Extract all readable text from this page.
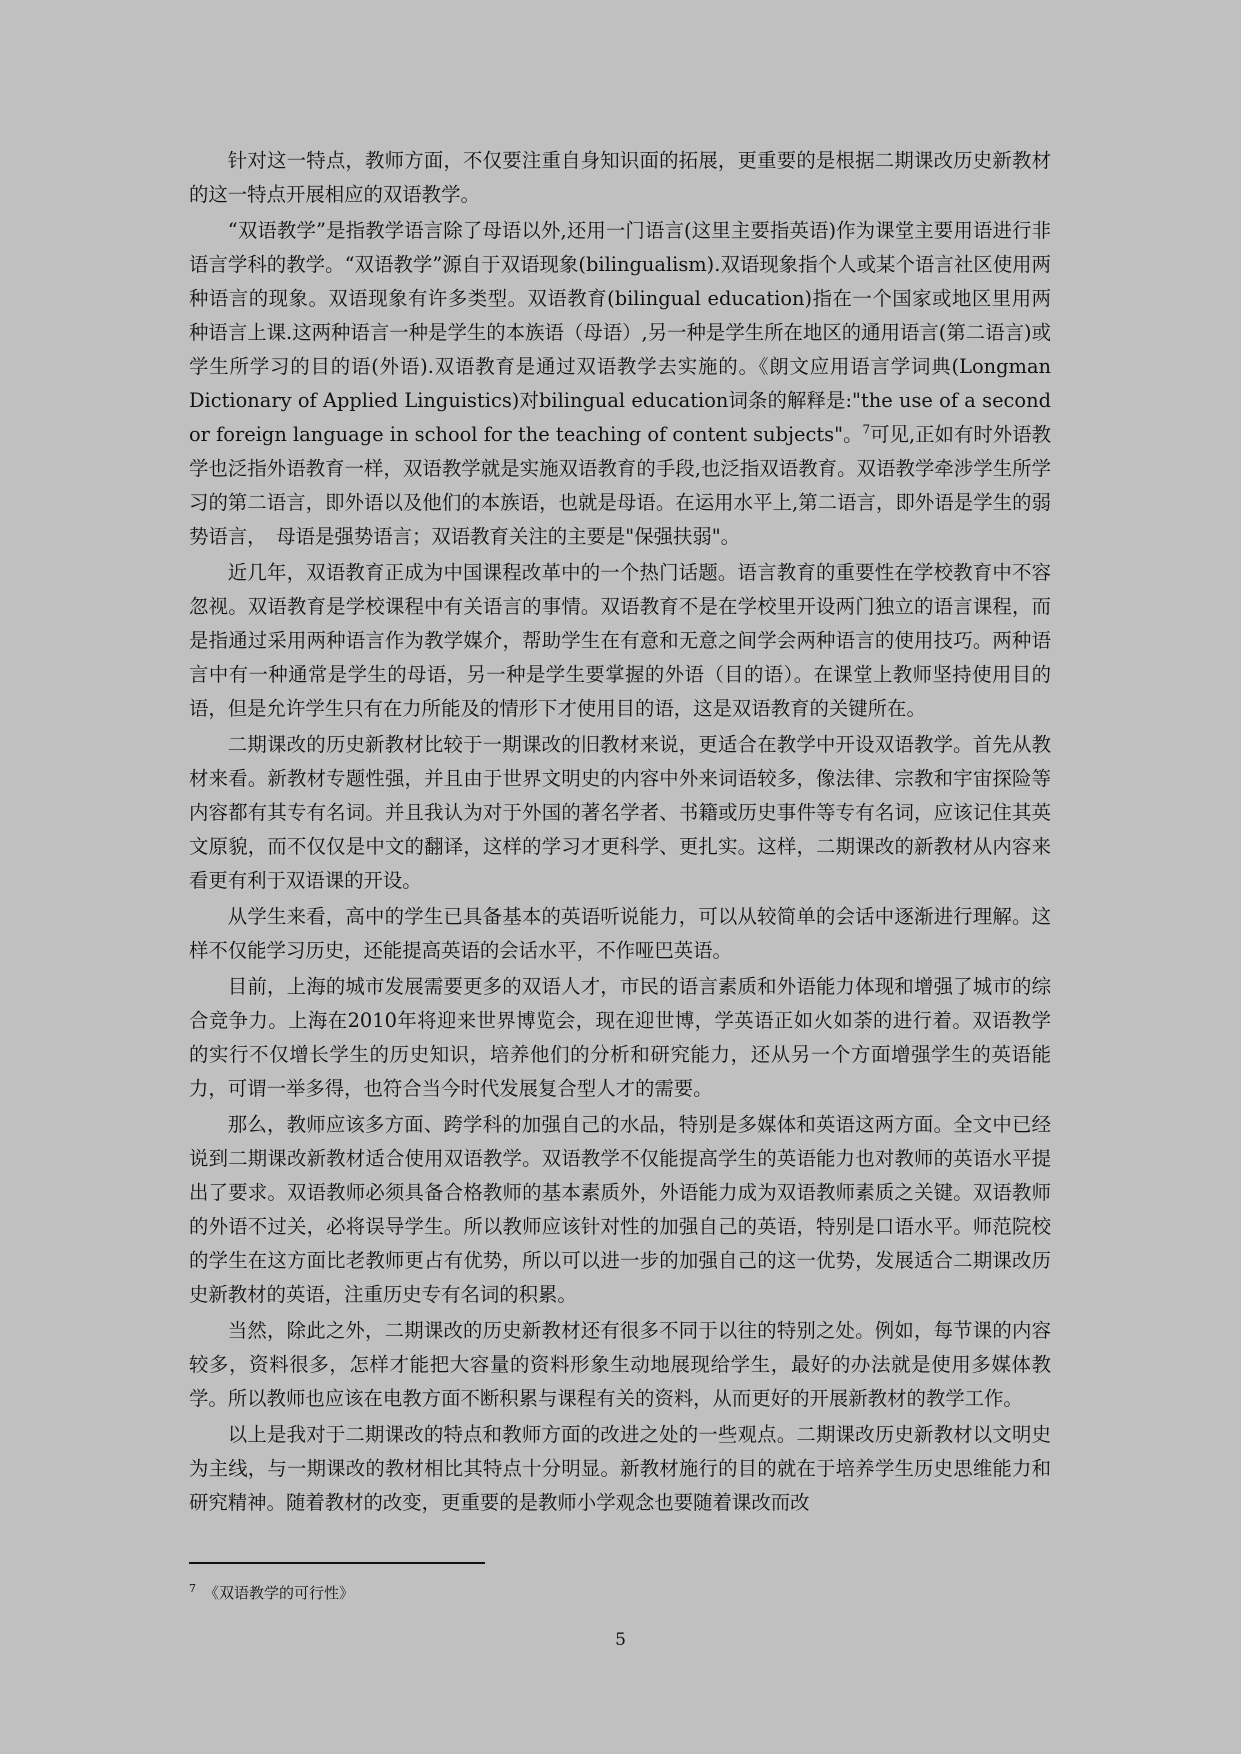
针对这一特点，教师方面，不仅要注重自身知识面的拓展，更重要的是根据二期课改历史新教材的这一特点开展相应的双语教学。

“双语教学”是指教学语言除了母语以外,还用一门语言(这里主要指英语)作为课堂主要用语进行非语言学科的教学。“双语教学”源自于双语现象(bilingualism).双语现象指个人或某个语言社区使用两种语言的现象。双语现象有许多类型。双语教育(bilingual education)指在一个国家或地区里用两种语言上课.这两种语言一种是学生的本族语（母语）,另一种是学生所在地区的通用语言(第二语言)或学生所学习的目的语(外语).双语教育是通过双语教学去实施的。《朗文应用语言学词典(Longman Dictionary of Applied Linguistics)对bilingual education词条的解释是:"the use of a second or foreign language in school for the teaching of content subjects"。$^7$可见,正如有时外语教学也泛指外语教育一样，双语教学就是实施双语教育的手段,也泛指双语教育。双语教学牵涉学生所学习的第二语言，即外语以及他们的本族语，也就是母语。在运用水平上,第二语言，即外语是学生的弱势语言，　母语是强势语言；双语教育关注的主要是"保强扶弱"。

近几年，双语教育正成为中国课程改革中的一个热门话题。语言教育的重要性在学校教育中不容忽视。双语教育是学校课程中有关语言的事情。双语教育不是在学校里开设两门独立的语言课程，而是指通过采用两种语言作为教学媒介，帮助学生在有意和无意之间学会两种语言的使用技巧。两种语言中有一种通常是学生的母语，另一种是学生要掌握的外语（目的语）。在课堂上教师坚持使用目的语，但是允许学生只有在力所能及的情形下才使用目的语，这是双语教育的关键所在。

二期课改的历史新教材比较于一期课改的旧教材来说，更适合在教学中开设双语教学。首先从教材来看。新教材专题性强，并且由于世界文明史的内容中外来词语较多，像法律、宗教和宇宙探险等内容都有其专有名词。并且我认为对于外国的著名学者、书籍或历史事件等专有名词，应该记住其英文原貌，而不仅仅是中文的翻译，这样的学习才更科学、更扎实。这样，二期课改的新教材从内容来看更有利于双语课的开设。

从学生来看，高中的学生已具备基本的英语听说能力，可以从较简单的会话中逐渐进行理解。这样不仅能学习历史，还能提高英语的会话水平，不作哑巴英语。

目前，上海的城市发展需要更多的双语人才，市民的语言素质和外语能力体现和增强了城市的综合竞争力。上海在2010年将迎来世界博览会，现在迎世博，学英语正如火如荼的进行着。双语教学的实行不仅增长学生的历史知识，培养他们的分析和研究能力，还从另一个方面增强学生的英语能力，可谓一举多得，也符合当今时代发展复合型人才的需要。

那么，教师应该多方面、跨学科的加强自己的水品，特别是多媒体和英语这两方面。全文中已经说到二期课改新教材适合使用双语教学。双语教学不仅能提高学生的英语能力也对教师的英语水平提出了要求。双语教师必须具备合格教师的基本素质外，外语能力成为双语教师素质之关键。双语教师的外语不过关，必将误导学生。所以教师应该针对性的加强自己的英语，特别是口语水平。师范院校的学生在这方面比老教师更占有优势，所以可以进一步的加强自己的这一优势，发展适合二期课改历史新教材的英语，注重历史专有名词的积累。

当然，除此之外，二期课改的历史新教材还有很多不同于以往的特别之处。例如，每节课的内容较多，资料很多，怎样才能把大容量的资料形象生动地展现给学生，最好的办法就是使用多媒体教学。所以教师也应该在电教方面不断积累与课程有关的资料，从而更好的开展新教材的教学工作。

以上是我对于二期课改的特点和教师方面的改进之处的一些观点。二期课改历史新教材以文明史为主线，与一期课改的教材相比其特点十分明显。新教材施行的目的就在于培养学生历史思维能力和研究精神。随着教材的改变，更重要的是教师小学观念也要随着课改而改

$^7$ 《双语教学的可行性》
5
